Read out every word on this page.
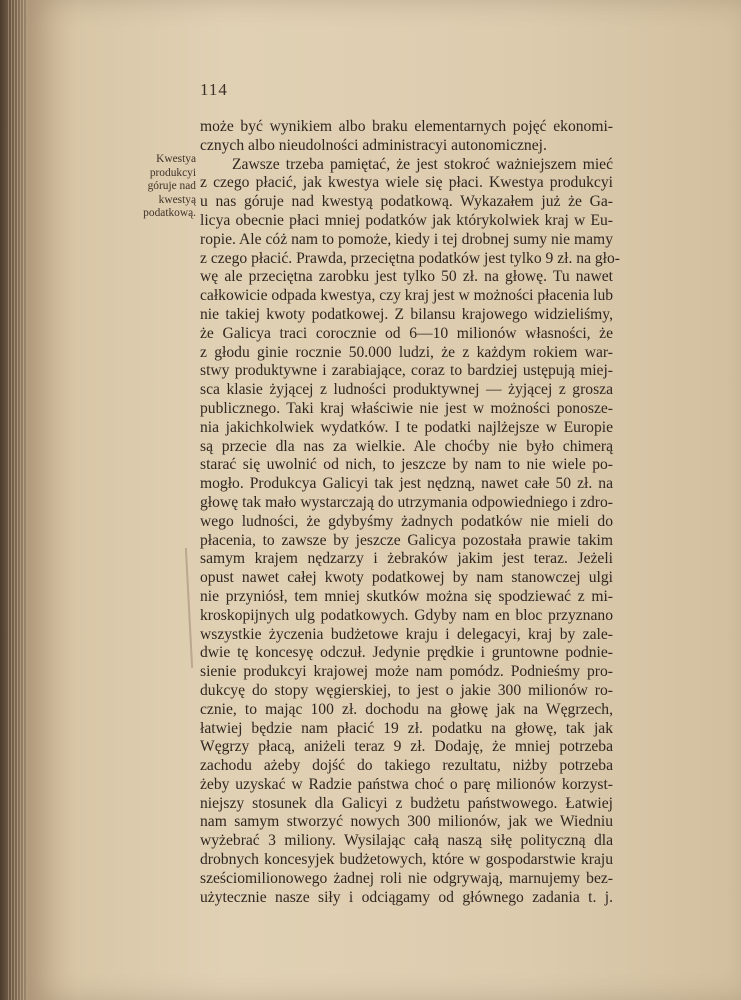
114
Kwestya
produkcyi
góruje nad
kwestyą
podatkową.
może być wynikiem albo braku elementarnych pojęć ekonomi-
cznych albo nieudolności administracyi autonomicznej.
Zawsze trzeba pamiętać, że jest stokroć ważniejszem mieć
z czego płacić, jak kwestya wiele się płaci. Kwestya produkcyi
u nas góruje nad kwestyą podatkową. Wykazałem już że Ga-
licya obecnie płaci mniej podatków jak którykolwiek kraj w Eu-
ropie. Ale cóż nam to pomoże, kiedy i tej drobnej sumy nie mamy
z czego płacić. Prawda, przeciętna podatków jest tylko 9 zł. na gło-
wę ale przeciętna zarobku jest tylko 50 zł. na głowę. Tu nawet
całkowicie odpada kwestya, czy kraj jest w możności płacenia lub
nie takiej kwoty podatkowej. Z bilansu krajowego widzieliśmy,
że Galicya traci corocznie od 6—10 milionów własności, że
z głodu ginie rocznie 50.000 ludzi, że z każdym rokiem war-
stwy produktywne i zarabiające, coraz to bardziej ustępują miej-
sca klasie żyjącej z ludności produktywnej — żyjącej z grosza
publicznego. Taki kraj właściwie nie jest w możności ponosze-
nia jakichkolwiek wydatków. I te podatki najlżejsze w Europie
są przecie dla nas za wielkie. Ale choćby nie było chimerą
starać się uwolnić od nich, to jeszcze by nam to nie wiele po-
mogło. Produkcya Galicyi tak jest nędzną, nawet całe 50 zł. na
głowę tak mało wystarczają do utrzymania odpowiedniego i zdro-
wego ludności, że gdybyśmy żadnych podatków nie mieli do
płacenia, to zawsze by jeszcze Galicya pozostała prawie takim
samym krajem nędzarzy i żebraków jakim jest teraz. Jeżeli
opust nawet całej kwoty podatkowej by nam stanowczej ulgi
nie przyniósł, tem mniej skutków można się spodziewać z mi-
kroskopijnych ulg podatkowych. Gdyby nam en bloc przyznano
wszystkie życzenia budżetowe kraju i delegacyi, kraj by zale-
dwie tę koncesyę odczuł. Jedynie prędkie i gruntowne podnie-
sienie produkcyi krajowej może nam pomódz. Podnieśmy pro-
dukcyę do stopy węgierskiej, to jest o jakie 300 milionów ro-
cznie, to mając 100 zł. dochodu na głowę jak na Węgrzech,
łatwiej będzie nam płacić 19 zł. podatku na głowę, tak jak
Węgrzy płacą, aniżeli teraz 9 zł. Dodaję, że mniej potrzeba
zachodu ażeby dojść do takiego rezultatu, niżby potrzeba
żeby uzyskać w Radzie państwa choć o parę milionów korzyst-
niejszy stosunek dla Galicyi z budżetu państwowego. Łatwiej
nam samym stworzyć nowych 300 milionów, jak we Wiedniu
wyżebrać 3 miliony. Wysilając całą naszą siłę polityczną dla
drobnych koncesyjek budżetowych, które w gospodarstwie kraju
sześciomilionowego żadnej roli nie odgrywają, marnujemy bez-
użytecznie nasze siły i odciągamy od głównego zadania t. j.
